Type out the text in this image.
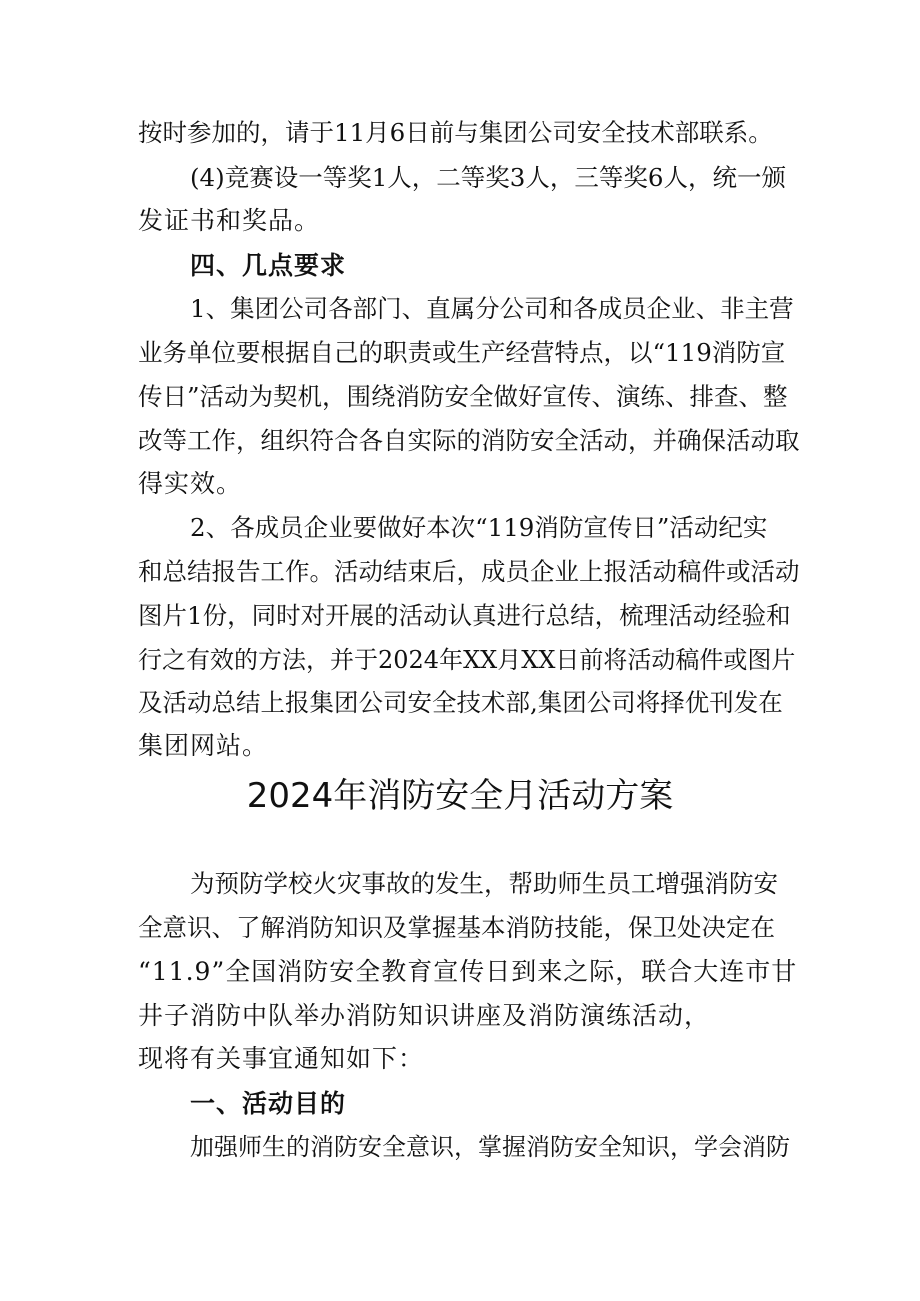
按时参加的，请于11月6日前与集团公司安全技术部联系。
(4)竞赛设一等奖1人，二等奖3人，三等奖6人，统一颁
发证书和奖品。
四、几点要求
1、集团公司各部门、直属分公司和各成员企业、非主营
业务单位要根据自己的职责或生产经营特点，以“119消防宣
传日”活动为契机，围绕消防安全做好宣传、演练、排查、整
改等工作，组织符合各自实际的消防安全活动，并确保活动取
得实效。
2、各成员企业要做好本次“119消防宣传日”活动纪实
和总结报告工作。活动结束后，成员企业上报活动稿件或活动
图片1份，同时对开展的活动认真进行总结，梳理活动经验和
行之有效的方法，并于2024年XX月XX日前将活动稿件或图片
及活动总结上报集团公司安全技术部,集团公司将择优刊发在
集团网站。
2024年消防安全月活动方案
为预防学校火灾事故的发生，帮助师生员工增强消防安
全意识、了解消防知识及掌握基本消防技能，保卫处决定在
“11.9”全国消防安全教育宣传日到来之际，联合大连市甘
井子消防中队举办消防知识讲座及消防演练活动，
现将有关事宜通知如下：
一、活动目的
加强师生的消防安全意识，掌握消防安全知识，学会消防
